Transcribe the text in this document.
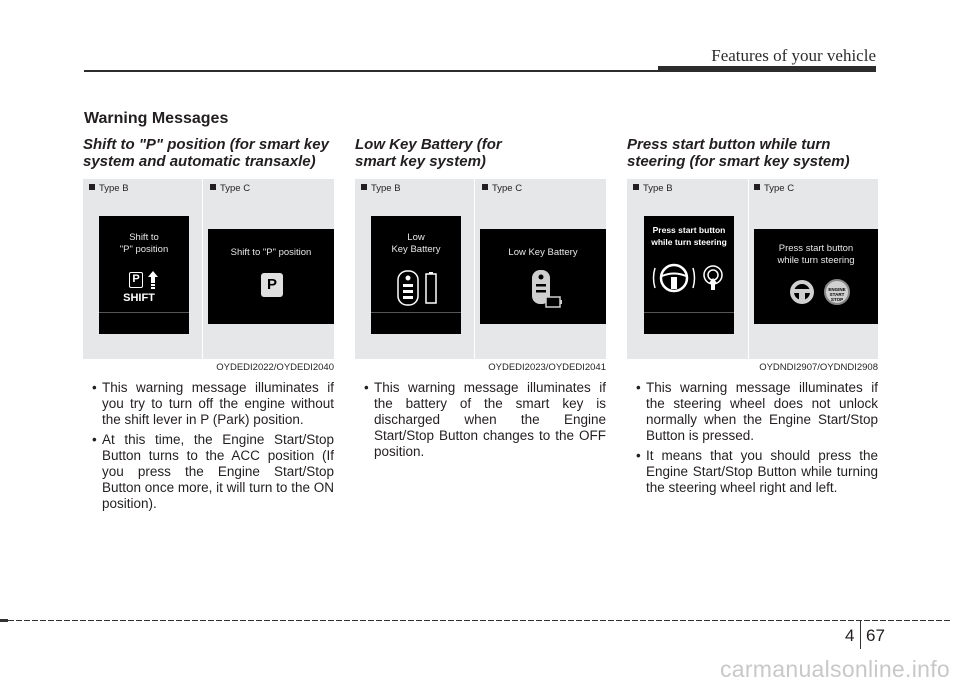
Features of your vehicle
Warning Messages
Shift to "P" position (for smart key system and automatic transaxle)
Type B	Type C
Shift to
"P" position
P
SHIFT
Shift to "P" position
P
OYDEDI2022/OYDEDI2040
• This warning message illuminates if you try to turn off the engine without the shift lever in P (Park) position.
• At this time, the Engine Start/Stop Button turns to the ACC position (If you press the Engine Start/Stop Button once more, it will turn to the ON position).
Low Key Battery (for smart key system)
Type B	Type C
Low
Key Battery	Low Key Battery
OYDEDI2023/OYDEDI2041
• This warning message illuminates if the battery of the smart key is discharged when the Engine Start/Stop Button changes to the OFF position.
Press start button while turn steering (for smart key system)
Type B	Type C
Press start button
while turn steering
Press start button
while turn steering
ENGINE START STOP
OYDNDI2907/OYDNDI2908
• This warning message illuminates if the steering wheel does not unlock normally when the Engine Start/Stop Button is pressed.
• It means that you should press the Engine Start/Stop Button while turning the steering wheel right and left.
4 67
carmanualsonline.info
